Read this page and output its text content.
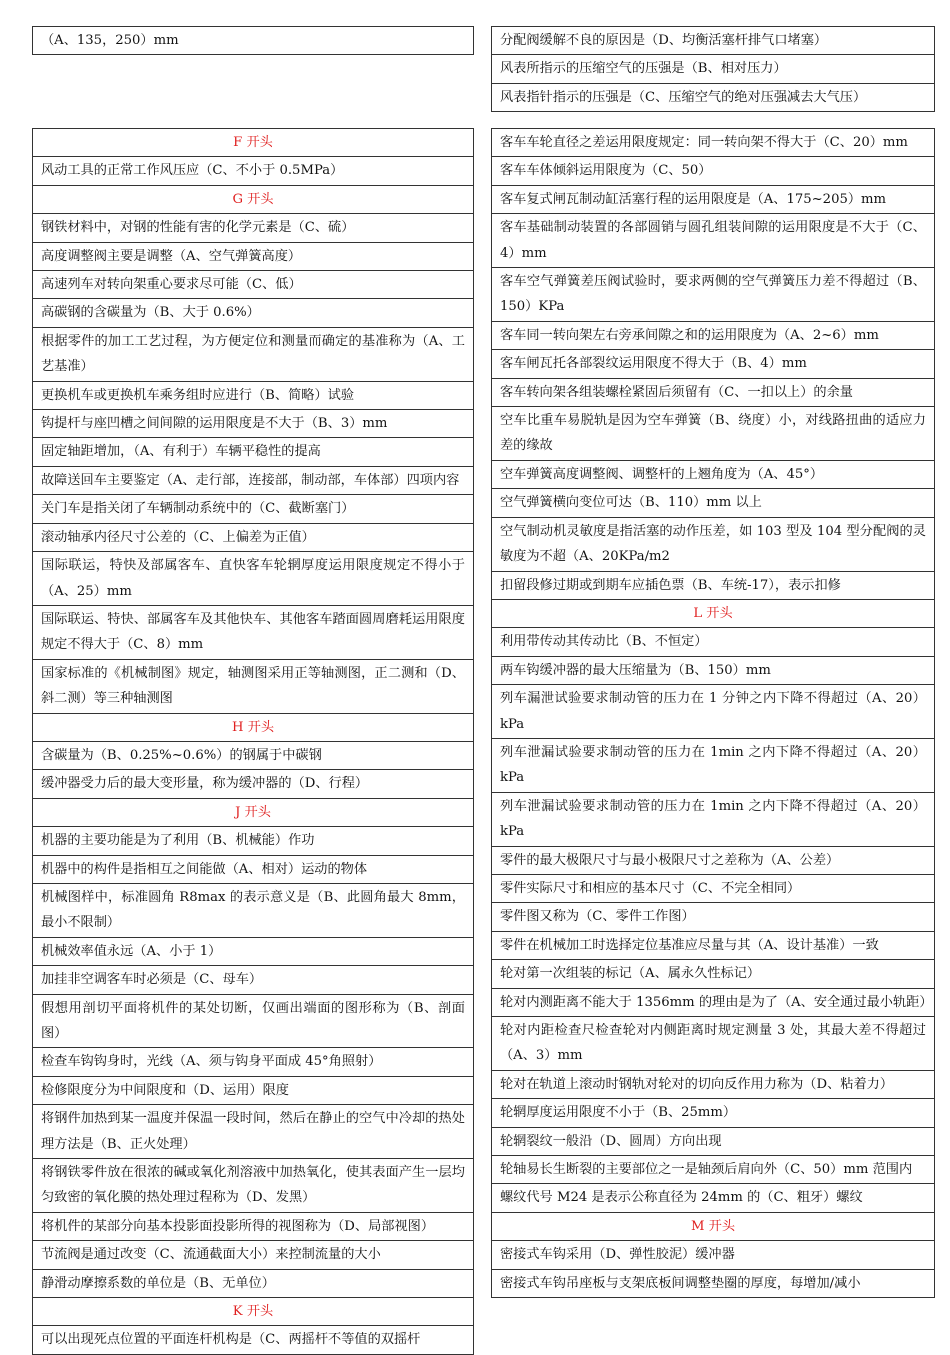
（A、135，250）mm	分配阀缓解不良的原因是（D、均衡活塞杆排气口堵塞）
风表所指示的压缩空气的压强是（B、相对压力）
风表指针指示的压强是（C、压缩空气的绝对压强减去大气压）
F 开头
风动工具的正常工作风压应（C、不小于 0.5MPa）
G 开头
钢铁材料中，对钢的性能有害的化学元素是（C、硫）
高度调整阀主要是调整（A、空气弹簧高度）
高速列车对转向架重心要求尽可能（C、低）
高碳钢的含碳量为（B、大于 0.6%）
根据零件的加工工艺过程，为方便定位和测量而确定的基准称为（A、工艺基准）
更换机车或更换机车乘务组时应进行（B、简略）试验
钩提杆与座凹槽之间间隙的运用限度是不大于（B、3）mm
固定轴距增加，（A、有利于）车辆平稳性的提高
故障送回车主要鉴定（A、走行部，连接部，制动部，车体部）四项内容
关门车是指关闭了车辆制动系统中的（C、截断塞门）
滚动轴承内径尺寸公差的（C、上偏差为正值）
国际联运，特快及部属客车、直快客车轮辋厚度运用限度规定不得小于（A、25）mm
国际联运、特快、部属客车及其他快车、其他客车踏面圆周磨耗运用限度规定不得大于（C、8）mm
国家标准的《机械制图》规定，轴测图采用正等轴测图，正二测和（D、斜二测）等三种轴测图
H 开头
含碳量为（B、0.25%~0.6%）的钢属于中碳钢
缓冲器受力后的最大变形量，称为缓冲器的（D、行程）
J 开头
机器的主要功能是为了利用（B、机械能）作功
机器中的构件是指相互之间能做（A、相对）运动的物体
机械图样中，标准圆角 R8max 的表示意义是（B、此圆角最大 8mm，最小不限制）
机械效率值永远（A、小于 1）
加挂非空调客车时必须是（C、母车）
假想用剖切平面将机件的某处切断，仅画出端面的图形称为（B、剖面图）
检查车钩钩身时，光线（A、须与钩身平面成 45°角照射）
检修限度分为中间限度和（D、运用）限度
将钢件加热到某一温度并保温一段时间，然后在静止的空气中冷却的热处理方法是（B、正火处理）
将钢铁零件放在很浓的碱或氧化剂溶液中加热氧化，使其表面产生一层均匀致密的氧化膜的热处理过程称为（D、发黑）
将机件的某部分向基本投影面投影所得的视图称为（D、局部视图）
节流阀是通过改变（C、流通截面大小）来控制流量的大小
静滑动摩擦系数的单位是（B、无单位）
K 开头
可以出现死点位置的平面连杆机构是（C、两摇杆不等值的双摇杆
客车车轮直径之差运用限度规定：同一转向架不得大于（C、20）mm
客车车体倾斜运用限度为（C、50）
客车复式闸瓦制动缸活塞行程的运用限度是（A、175~205）mm
客车基础制动装置的各部圆销与圆孔组装间隙的运用限度是不大于（C、4）mm
客车空气弹簧差压阀试验时，要求两侧的空气弹簧压力差不得超过（B、150）KPa
客车同一转向架左右旁承间隙之和的运用限度为（A、2~6）mm
客车闸瓦托各部裂纹运用限度不得大于（B、4）mm
客车转向架各组装螺栓紧固后须留有（C、一扣以上）的余量
空车比重车易脱轨是因为空车弹簧（B、绕度）小，对线路扭曲的适应力 差的缘故
空车弹簧高度调整阀、调整杆的上翘角度为（A、45°）
空气弹簧横向变位可达（B、110）mm 以上
空气制动机灵敏度是指活塞的动作压差，如 103 型及 104 型分配阀的灵敏度为不超（A、20KPa/m2
扣留段修过期或到期车应插色票（B、车统-17），表示扣修
L 开头
利用带传动其传动比（B、不恒定）
两车钩缓冲器的最大压缩量为（B、150）mm
列车漏泄试验要求制动管的压力在 1 分钟之内下降不得超过（A、20）kPa
列车泄漏试验要求制动管的压力在 1min 之内下降不得超过（A、20）kPa
列车泄漏试验要求制动管的压力在 1min 之内下降不得超过（A、20）kPa
零件的最大极限尺寸与最小极限尺寸之差称为（A、公差）
零件实际尺寸和相应的基本尺寸（C、不完全相同）
零件图又称为（C、零件工作图）
零件在机械加工时选择定位基准应尽量与其（A、设计基准）一致
轮对第一次组装的标记（A、属永久性标记）
轮对内测距离不能大于 1356mm 的理由是为了（A、安全通过最小轨距）
轮对内距检查尺检查轮对内侧距离时规定测量 3 处，其最大差不得超过（A、3）mm
轮对在轨道上滚动时钢轨对轮对的切向反作用力称为（D、粘着力）
轮辋厚度运用限度不小于（B、25mm）
轮辋裂纹一般沿（D、圆周）方向出现
轮轴易长生断裂的主要部位之一是轴颈后肩向外（C、50）mm 范围内
螺纹代号 M24 是表示公称直径为 24mm 的（C、粗牙）螺纹
M 开头
密接式车钩采用（D、弹性胶泥）缓冲器
密接式车钩吊座板与支架底板间调整垫圈的厚度，每增加/减小
